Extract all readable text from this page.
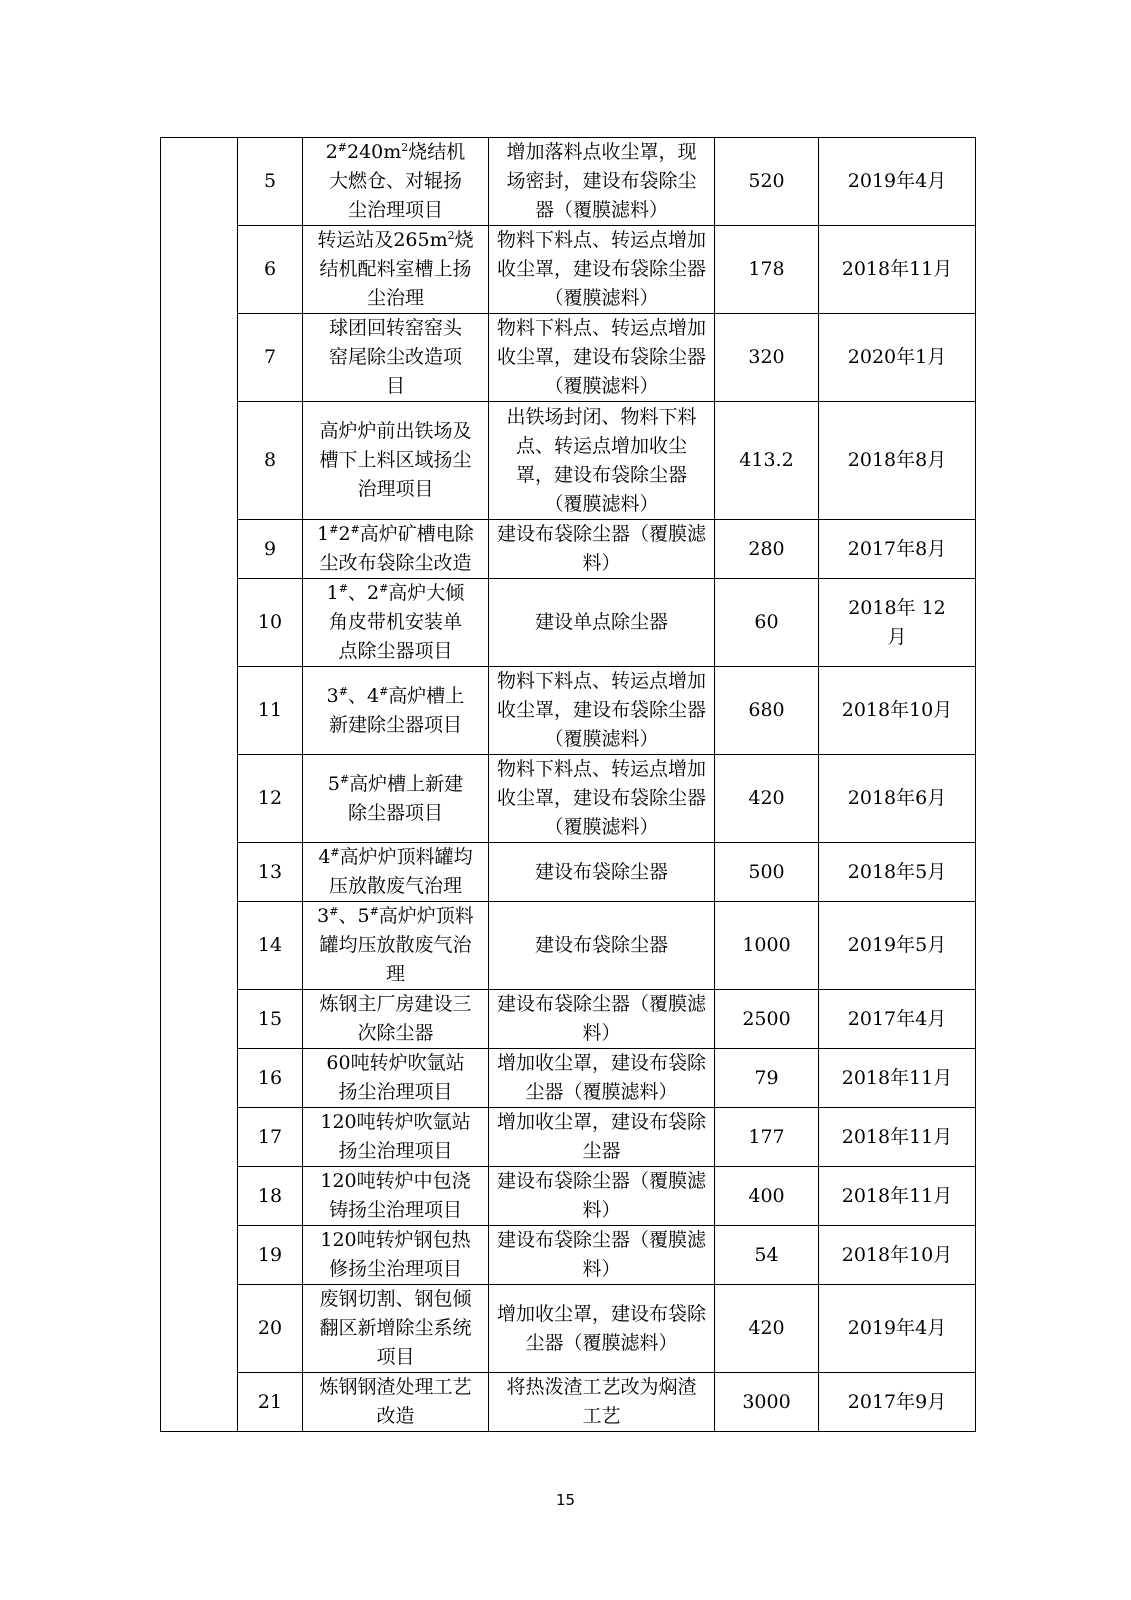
	5	$2^{\#}240m^2$烧结机大燃仓、对辊扬尘治理项目	增加落料点收尘罩，现场密封，建设布袋除尘器（覆膜滤料）	520	2019年4月

	6	转运站及$265m^2$烧结机配料室槽上扬尘治理	物料下料点、转运点增加收尘罩，建设布袋除尘器（覆膜滤料）	178	2018年11月

	7	球团回转窑窑头窑尾除尘改造项目	物料下料点、转运点增加收尘罩，建设布袋除尘器（覆膜滤料）	320	2020年1月

	8	高炉炉前出铁场及槽下上料区域扬尘治理项目	出铁场封闭、物料下料点、转运点增加收尘罩，建设布袋除尘器（覆膜滤料）	413.2	2018年8月

	9	1#2#高炉矿槽电除尘改布袋除尘改造	建设布袋除尘器（覆膜滤料）	280	2017年8月

	10	1#、2#高炉大倾角皮带机安装单点除尘器项目	建设单点除尘器	60	2018年 12月

	11	3#、4#高炉槽上新建除尘器项目	物料下料点、转运点增加收尘罩，建设布袋除尘器（覆膜滤料）	680	2018年10月

	12	5#高炉槽上新建除尘器项目	物料下料点、转运点增加收尘罩，建设布袋除尘器（覆膜滤料）	420	2018年6月

	13	4#高炉炉顶料罐均压放散废气治理	建设布袋除尘器	500	2018年5月

	14	3#、5#高炉炉顶料罐均压放散废气治理	建设布袋除尘器	1000	2019年5月

	15	炼钢主厂房建设三次除尘器	建设布袋除尘器（覆膜滤料）	2500	2017年4月

	16	60吨转炉吹氩站扬尘治理项目	增加收尘罩，建设布袋除尘器（覆膜滤料）	79	2018年11月

	17	120吨转炉吹氩站扬尘治理项目	增加收尘罩，建设布袋除尘器	177	2018年11月

	18	120吨转炉中包浇铸扬尘治理项目	建设布袋除尘器（覆膜滤料）	400	2018年11月

	19	120吨转炉钢包热修扬尘治理项目	建设布袋除尘器（覆膜滤料）	54	2018年10月

	20	废钢切割、钢包倾翻区新增除尘系统项目	增加收尘罩，建设布袋除尘器（覆膜滤料）	420	2019年4月

	21	炼钢钢渣处理工艺改造	将热泼渣工艺改为焖渣工艺	3000	2017年9月
15
